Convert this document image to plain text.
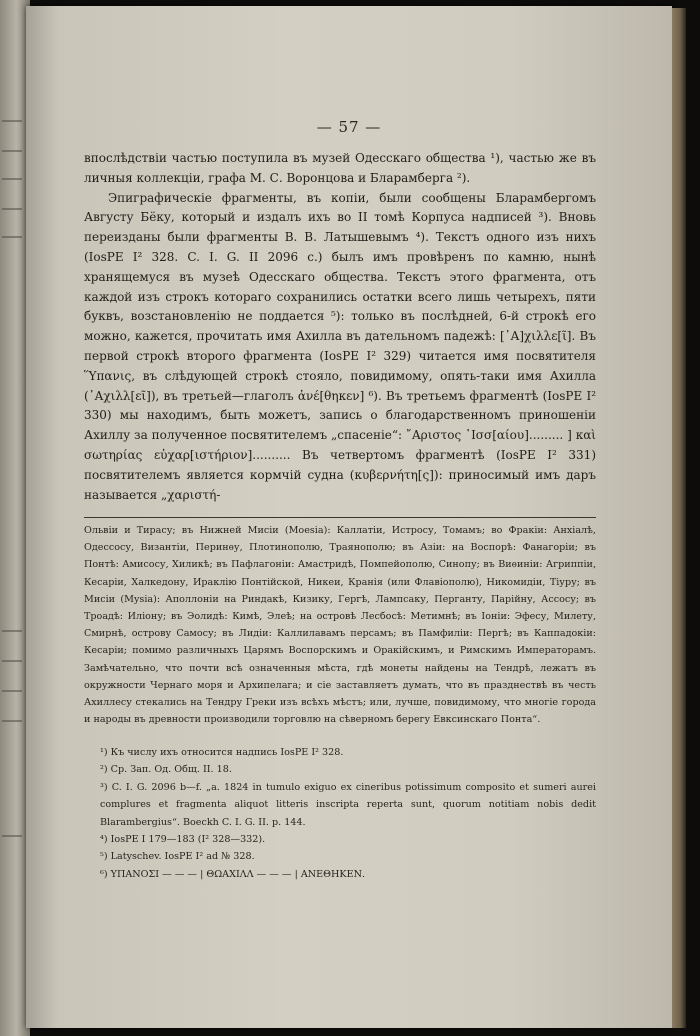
— 57 —

впослѣдствіи частью поступила въ музей Одесскаго общества ¹), частью же въ личныя коллекціи, графа М. С. Воронцова и Бларамберга ²).

Эпиграфическіе фрагменты, въ копіи, были сообщены Бларамбергомъ Августу Бёку, который и издалъ ихъ во II томѣ Корпуса надписей ³). Вновь переизданы были фрагменты В. В. Латышевымъ ⁴). Текстъ одного изъ нихъ (IosPE I² 328. C. I. G. II 2096 c.) былъ имъ провѣренъ по камню, нынѣ хранящемуся въ музеѣ Одесскаго общества. Текстъ этого фрагмента, отъ каждой изъ строкъ котораго сохранились остатки всего лишь четырехъ, пяти буквъ, возстановленію не поддается ⁵): только въ послѣдней, 6-й строкѣ его можно, кажется, прочитать имя Ахилла въ дательномъ падежѣ: [᾿Α]χιλλε[ῖ]. Въ первой строкѣ второго фрагмента (IosPE I² 329) читается имя посвятителя Ὕπανις, въ слѣдующей строкѣ стояло, повидимому, опять-таки имя Ахилла (᾿Αχιλλ[εῖ]), въ третьей—глаголъ ἀνέ[θηκεν] ⁶). Въ третьемъ фрагментѣ (IosPE I² 330) мы находимъ, быть можетъ, запись о благодарственномъ приношеніи Ахиллу за полученное посвятителемъ „спасеніе“: ῎Αριστος ῾Ισσ[αίου]......... ] καὶ σωτηρίας εὐχαρ[ιστήριον].......... Въ четвертомъ фрагментѣ (IosPE I² 331) посвятителемъ является кормчій судна (κυβερνήτη[ς]): приносимый имъ даръ называется „χαριστή-

Ольвіи и Тирасу; въ Нижней Мисіи (Moesia): Каллатіи, Истросу, Томамъ; во Фракіи: Анхіалѣ, Одессосу, Византіи, Перинѳу, Плотинополю, Траянополю; въ Азіи: на Воспорѣ: Фанагоріи; въ Понтѣ: Амисосу, Хиликѣ; въ Пафлагоніи: Амастридѣ, Помпейополю, Синопу; въ Виѳиніи: Агриппіи, Кесаріи, Халкедону, Ираклію Понтійской, Никеи, Кранія (или Флавіополю), Никомидіи, Тіуру; въ Мисіи (Mysia): Аполлоніи на Риндакѣ, Кизику, Гергѣ, Лампсаку, Перганту, Парійну, Ассосу; въ Троадѣ: Иліону; въ Эолидѣ: Кимѣ, Элеѣ; на островѣ Лесбосѣ: Метимнѣ; въ Іоніи: Эфесу, Милету, Смирнѣ, острову Самосу; въ Лидіи: Каллилавамъ персамъ; въ Памфиліи: Пергѣ; въ Каппадокіи: Кесаріи; помимо различныхъ Царямъ Воспорскимъ и Оракійскимъ, и Римскимъ Императорамъ. Замѣчательно, что почти всѣ означенныя мѣста, гдѣ монеты найдены на Тендрѣ, лежатъ въ окружности Чернаго моря и Архипелага; и сіе заставляетъ думать, что въ празднествѣ въ честь Ахиллесу стекались на Тендру Греки изъ всѣхъ мѣстъ; или, лучше, повидимому, что многіе города и народы въ древности производили торговлю на сѣверномъ берегу Евксинскаго Понта“.

¹) Къ числу ихъ относится надпись IosPE I² 328.

²) Ср. Зап. Од. Общ. II. 18.

³) C. I. G. 2096 b—f. „a. 1824 in tumulo exiguo ex cineribus potissimum composito et sumeri aurei complures et fragmenta aliquot litteris inscripta reperta sunt, quorum notitiam nobis dedit Blarambergius“. Boeckh C. I. G. II. p. 144.

⁴) IosPE I 179—183 (I² 328—332).

⁵) Latyschev. IosPE I² ad № 328.

⁶) ΥΠΑΝΟΣΙ — — — | ΘΩΑΧΙΛΛ — — — | ΑΝΕΘΗΚΕΝ.
